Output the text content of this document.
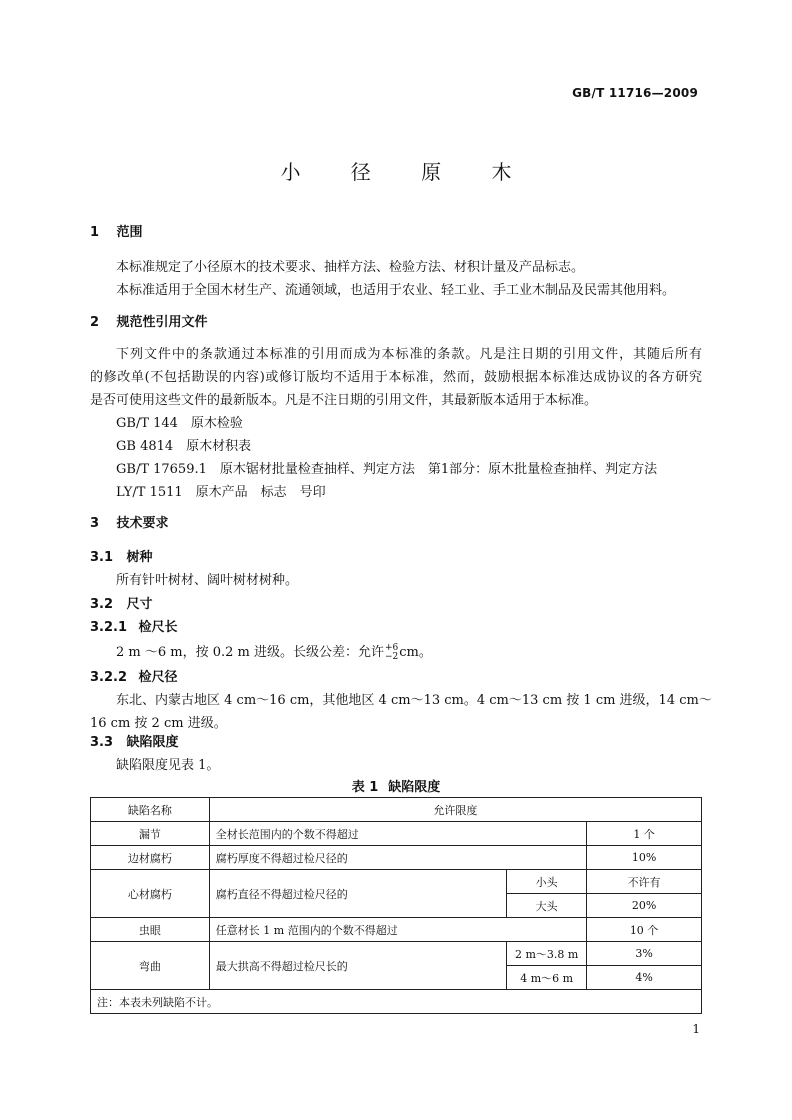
GB/T 11716—2009
小 径 原 木
1 范围
本标准规定了小径原木的技术要求、抽样方法、检验方法、材积计量及产品标志。
本标准适用于全国木材生产、流通领域，也适用于农业、轻工业、手工业木制品及民需其他用料。
2 规范性引用文件
下列文件中的条款通过本标准的引用而成为本标准的条款。凡是注日期的引用文件，其随后所有
的修改单(不包括勘误的内容)或修订版均不适用于本标准，然而，鼓励根据本标准达成协议的各方研究
是否可使用这些文件的最新版本。凡是不注日期的引用文件，其最新版本适用于本标准。
GB/T 144　原木检验
GB 4814　原木材积表
GB/T 17659.1　原木锯材批量检查抽样、判定方法　第1部分：原木批量检查抽样、判定方法
LY/T 1511　原木产品　标志　号印
3 技术要求
3.1 树种
所有针叶树材、阔叶树材树种。
3.2 尺寸
3.2.1 检尺长
2 m ～6 m，按 0.2 m 进级。长级公差：允许 +6
−2 cm。
3.2.2 检尺径
东北、内蒙古地区 4 cm～16 cm，其他地区 4 cm～13 cm。4 cm～13 cm 按 1 cm 进级，14 cm～
16 cm 按 2 cm 进级。
3.3 缺陷限度
缺陷限度见表 1。
表 1 缺陷限度
缺陷名称	允许限度		
漏节	全材长范围内的个数不得超过		1 个
边材腐朽	腐朽厚度不得超过检尺径的		10%
心材腐朽	腐朽直径不得超过检尺径的	小头	不许有
		大头	20%
虫眼	任意材长 1 m 范围内的个数不得超过		10 个
弯曲	最大拱高不得超过检尺长的	2 m～3.8 m	3%
		4 m～6 m	4%
注：本表未列缺陷不计。			
1
